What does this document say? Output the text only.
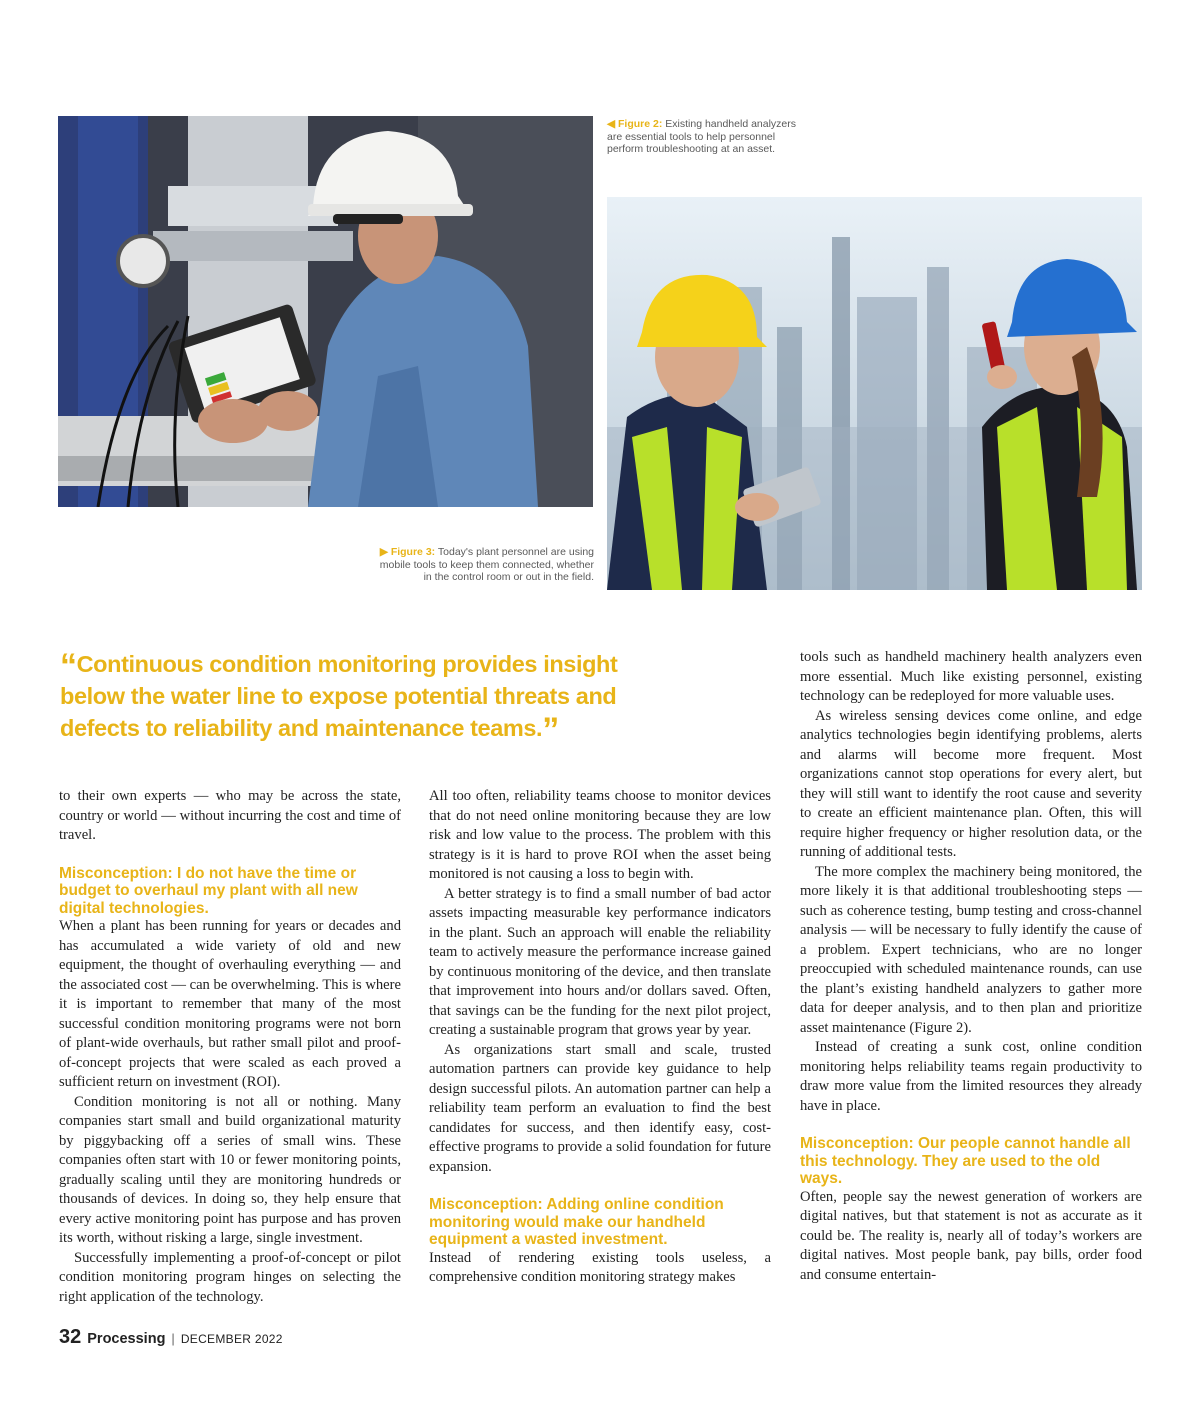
◀ Figure 2: Existing handheld analyzers are essential tools to help personnel perform troubleshooting at an asset.
▶ Figure 3: Today's plant personnel are using mobile tools to keep them connected, whether in the control room or out in the field.
“Continuous condition monitoring provides insight below the water line to expose potential threats and defects to reliability and maintenance teams.”

to their own experts — who may be across the state, country or world — without incurring the cost and time of travel.

Misconception: I do not have the time or budget to overhaul my plant with all new digital technologies.

When a plant has been running for years or decades and has accumulated a wide variety of old and new equipment, the thought of overhauling everything — and the associated cost — can be overwhelming. This is where it is important to remember that many of the most successful condition monitoring programs were not born of plant-wide overhauls, but rather small pilot and proof-of-concept projects that were scaled as each proved a sufficient return on investment (ROI).

Condition monitoring is not all or nothing. Many companies start small and build organizational maturity by piggybacking off a series of small wins. These companies often start with 10 or fewer monitoring points, gradually scaling until they are monitoring hundreds or thousands of devices. In doing so, they help ensure that every active monitoring point has purpose and has proven its worth, without risking a large, single investment.

Successfully implementing a proof-of-concept or pilot condition monitoring program hinges on selecting the right application of the technology.

All too often, reliability teams choose to monitor devices that do not need online monitoring because they are low risk and low value to the process. The problem with this strategy is it is hard to prove ROI when the asset being monitored is not causing a loss to begin with.

A better strategy is to find a small number of bad actor assets impacting measurable key performance indicators in the plant. Such an approach will enable the reliability team to actively measure the performance increase gained by continuous monitoring of the device, and then translate that improvement into hours and/or dollars saved. Often, that savings can be the funding for the next pilot project, creating a sustainable program that grows year by year.

As organizations start small and scale, trusted automation partners can provide key guidance to help design successful pilots. An automation partner can help a reliability team perform an evaluation to find the best candidates for success, and then identify easy, cost-effective programs to provide a solid foundation for future expansion.

Misconception: Adding online condition monitoring would make our handheld equipment a wasted investment.

Instead of rendering existing tools useless, a comprehensive condition monitoring strategy makes

tools such as handheld machinery health analyzers even more essential. Much like existing personnel, existing technology can be redeployed for more valuable uses.

As wireless sensing devices come online, and edge analytics technologies begin identifying problems, alerts and alarms will become more frequent. Most organizations cannot stop operations for every alert, but they will still want to identify the root cause and severity to create an efficient maintenance plan. Often, this will require higher frequency or higher resolution data, or the running of additional tests.

The more complex the machinery being monitored, the more likely it is that additional troubleshooting steps — such as coherence testing, bump testing and cross-channel analysis — will be necessary to fully identify the cause of a problem. Expert technicians, who are no longer preoccupied with scheduled maintenance rounds, can use the plant’s existing handheld analyzers to gather more data for deeper analysis, and to then plan and prioritize asset maintenance (Figure 2).

Instead of creating a sunk cost, online condition monitoring helps reliability teams regain productivity to draw more value from the limited resources they already have in place.

Misconception: Our people cannot handle all this technology. They are used to the old ways.

Often, people say the newest generation of workers are digital natives, but that statement is not as accurate as it could be. The reality is, nearly all of today’s workers are digital natives. Most people bank, pay bills, order food and consume entertain-

32 Processing | DECEMBER 2022
